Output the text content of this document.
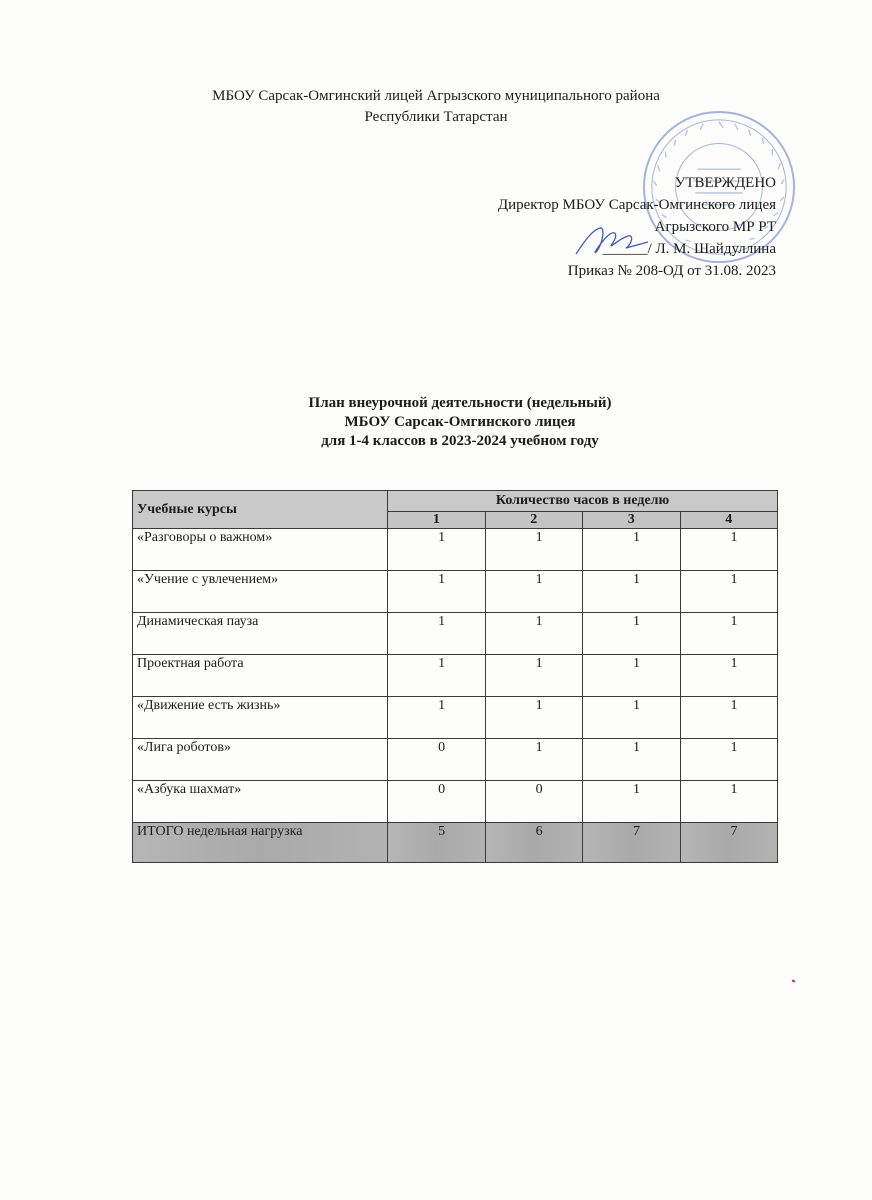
МБОУ Сарсак-Омгинский лицей Агрызского муниципального района
Республики Татарстан
УТВЕРЖДЕНО
Директор МБОУ Сарсак-Омгинского лицея
Агрызского МР РТ
______/ Л. М. Шайдуллина
Приказ № 208-ОД от 31.08. 2023
План внеурочной деятельности (недельный)
МБОУ Сарсак-Омгинского лицея
для 1-4 классов в 2023-2024 учебном году
Учебные курсы	Количество часов в неделю			
	1	2	3	4
«Разговоры о важном»	1	1	1	1
«Учение с увлечением»	1	1	1	1
Динамическая пауза	1	1	1	1
Проектная работа	1	1	1	1
«Движение есть жизнь»	1	1	1	1
«Лига роботов»	0	1	1	1
«Азбука шахмат»	0	0	1	1
ИТОГО недельная нагрузка	5	6	7	7
